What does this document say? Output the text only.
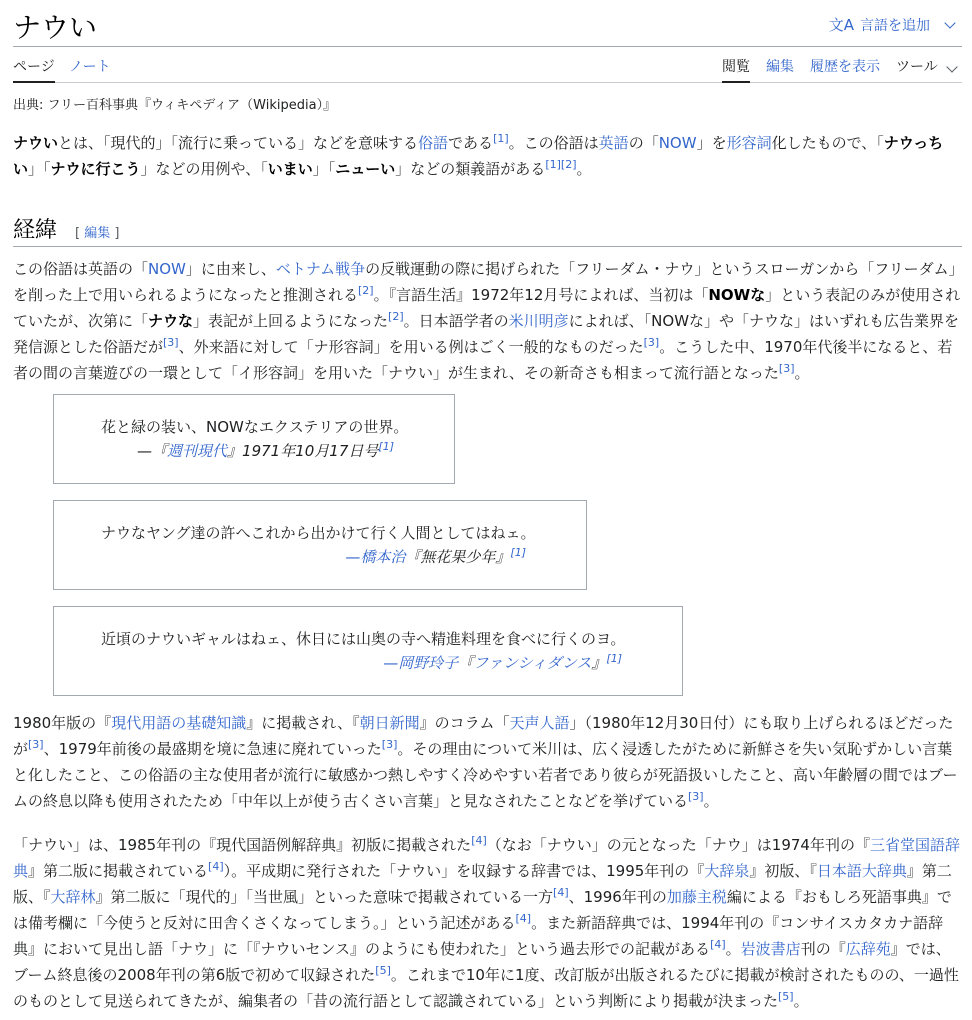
ナウい	文A 言語を追加
ページ ノート	閲覧 編集 履歴を表示 ツール
出典: フリー百科事典『ウィキペディア（Wikipedia）』
ナウいとは、「現代的」「流行に乗っている」などを意味する俗語である[1]。この俗語は英語の「NOW」を形容詞化したもので、「ナウっちい」「ナウに行こう」などの用例や、「いまい」「ニューい」などの類義語がある[1][2]。
経緯 [ 編集 ]
この俗語は英語の「NOW」に由来し、ベトナム戦争の反戦運動の際に掲げられた「フリーダム・ナウ」というスローガンから「フリーダム」を削った上で用いられるようになったと推測される[2]。『言語生活』1972年12月号によれば、当初は「NOWな」という表記のみが使用されていたが、次第に「ナウな」表記が上回るようになった[2]。日本語学者の米川明彦によれば、「NOWな」や「ナウな」はいずれも広告業界を発信源とした俗語だが[3]、外来語に対して「ナ形容詞」を用いる例はごく一般的なものだった[3]。こうした中、1970年代後半になると、若者の間の言葉遊びの一環として「イ形容詞」を用いた「ナウい」が生まれ、その新奇さも相まって流行語となった[3]。
花と緑の装い、NOWなエクステリアの世界。
—『週刊現代』1971年10月17日号[1]
ナウなヤング達の許へこれから出かけて行く人間としてはねェ。
—橋本治『無花果少年』[1]
近頃のナウいギャルはねェ、休日には山奥の寺へ精進料理を食べに行くのヨ。
—岡野玲子『ファンシィダンス』[1]
1980年版の『現代用語の基礎知識』に掲載され、『朝日新聞』のコラム「天声人語」（1980年12月30日付）にも取り上げられるほどだったが[3]、1979年前後の最盛期を境に急速に廃れていった[3]。その理由について米川は、広く浸透したがために新鮮さを失い気恥ずかしい言葉と化したこと、この俗語の主な使用者が流行に敏感かつ熱しやすく冷めやすい若者であり彼らが死語扱いしたこと、高い年齢層の間ではブームの終息以降も使用されたため「中年以上が使う古くさい言葉」と見なされたことなどを挙げている[3]。
「ナウい」は、1985年刊の『現代国語例解辞典』初版に掲載された[4]（なお「ナウい」の元となった「ナウ」は1974年刊の『三省堂国語辞典』第二版に掲載されている[4]）。平成期に発行された「ナウい」を収録する辞書では、1995年刊の『大辞泉』初版、『日本語大辞典』第二版、『大辞林』第二版に「現代的」「当世風」といった意味で掲載されている一方[4]、1996年刊の加藤主税編による『おもしろ死語事典』では備考欄に「今使うと反対に田舎くさくなってしまう。」という記述がある[4]。また新語辞典では、1994年刊の『コンサイスカタカナ語辞典』において見出し語「ナウ」に「『ナウいセンス』のようにも使われた」という過去形での記載がある[4]。岩波書店刊の『広辞苑』では、ブーム終息後の2008年刊の第6版で初めて収録された[5]。これまで10年に1度、改訂版が出版されるたびに掲載が検討されたものの、一過性のものとして見送られてきたが、編集者の「昔の流行語として認識されている」という判断により掲載が決まった[5]。
